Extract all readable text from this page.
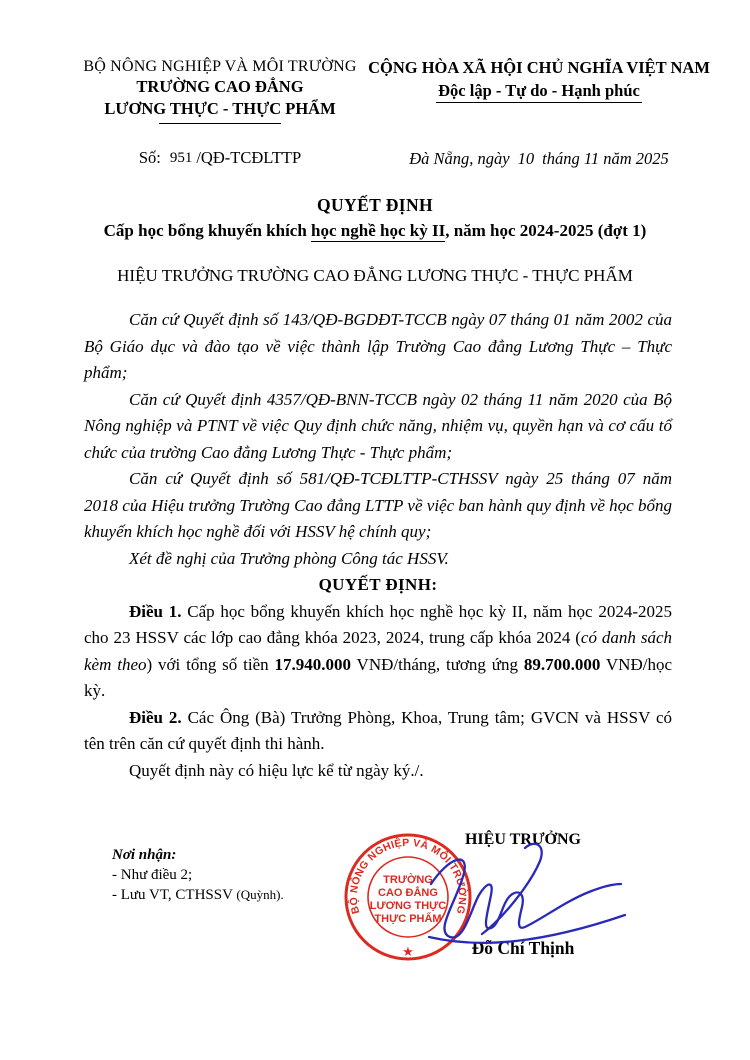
BỘ NÔNG NGHIỆP VÀ MÔI TRƯỜNG
TRƯỜNG CAO ĐẲNG
LƯƠNG THỰC - THỰC PHẨM
Số: 951 /QĐ-TCĐLTTP
CỘNG HÒA XÃ HỘI CHỦ NGHĨA VIỆT NAM
Độc lập - Tự do - Hạnh phúc
Đà Nẵng, ngày 10 tháng 11 năm 2025
QUYẾT ĐỊNH
Cấp học bổng khuyến khích học nghề học kỳ II, năm học 2024-2025 (đợt 1)
HIỆU TRƯỞNG TRƯỜNG CAO ĐẲNG LƯƠNG THỰC - THỰC PHẨM

Căn cứ Quyết định số 143/QĐ-BGDĐT-TCCB ngày 07 tháng 01 năm 2002 của Bộ Giáo dục và đào tạo về việc thành lập Trường Cao đẳng Lương Thực – Thực phẩm;

Căn cứ Quyết định 4357/QĐ-BNN-TCCB ngày 02 tháng 11 năm 2020 của Bộ Nông nghiệp và PTNT về việc Quy định chức năng, nhiệm vụ, quyền hạn và cơ cấu tổ chức của trường Cao đẳng Lương Thực - Thực phẩm;

Căn cứ Quyết định số 581/QĐ-TCĐLTTP-CTHSSV ngày 25 tháng 07 năm 2018 của Hiệu trưởng Trường Cao đẳng LTTP về việc ban hành quy định về học bổng khuyến khích học nghề đối với HSSV hệ chính quy;

Xét đề nghị của Trưởng phòng Công tác HSSV.

QUYẾT ĐỊNH:

Điều 1. Cấp học bổng khuyến khích học nghề học kỳ II, năm học 2024-2025 cho 23 HSSV các lớp cao đẳng khóa 2023, 2024, trung cấp khóa 2024 (có danh sách kèm theo) với tổng số tiền 17.940.000 VNĐ/tháng, tương ứng 89.700.000 VNĐ/học kỳ.

Điều 2. Các Ông (Bà) Trưởng Phòng, Khoa, Trung tâm; GVCN và HSSV có tên trên căn cứ quyết định thi hành.

Quyết định này có hiệu lực kể từ ngày ký./.

HIỆU TRƯỞNG
Nơi nhận:
- Như điều 2;
- Lưu VT, CTHSSV (Quỳnh).
BỘ NÔNG NGHIỆP VÀ MÔI TRƯỜNG
★
TRƯỜNG
CAO ĐẲNG
LƯƠNG THỰC
THỰC PHẨM
Đỗ Chí Thịnh
